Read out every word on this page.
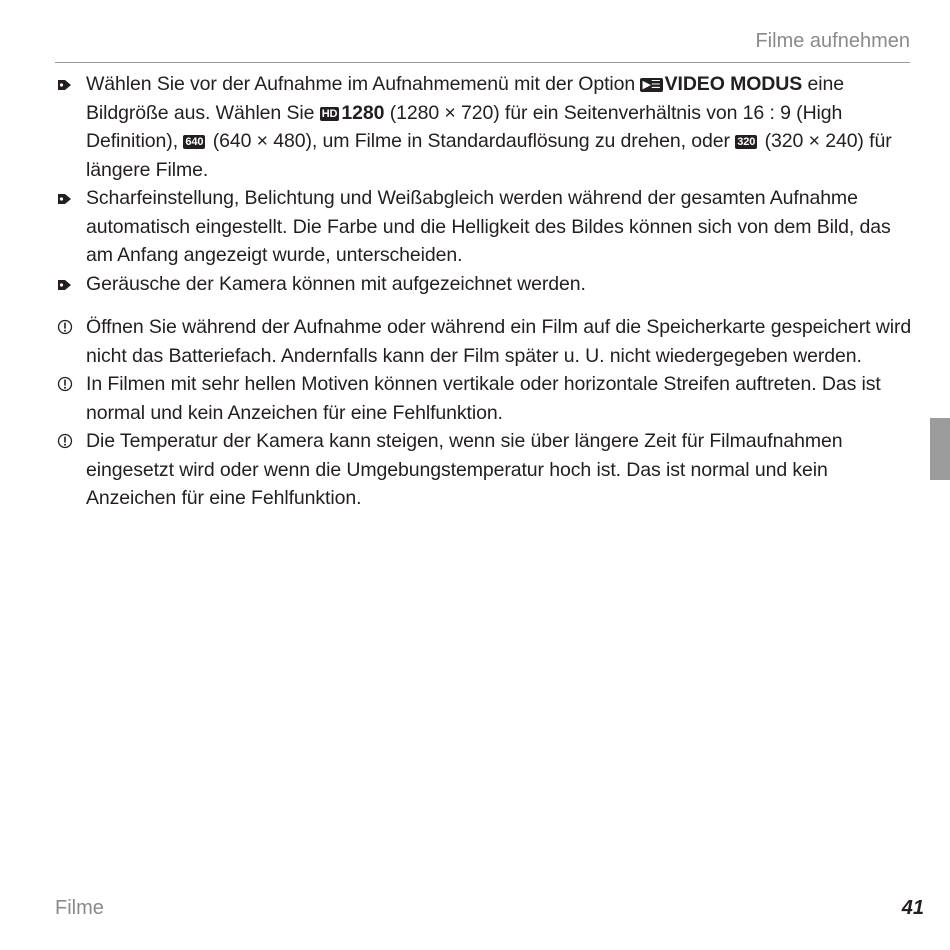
Filme aufnehmen
Wählen Sie vor der Aufnahme im Aufnahmemenü mit der Option ▶☰ VIDEO MODUS eine Bildgröße aus. Wählen Sie HD 1280 (1280 × 720) für ein Seitenverhältnis von 16 : 9 (High Definition), 640 (640 × 480), um Filme in Standardauflösung zu drehen, oder 320 (320 × 240) für längere Filme.
Scharfeinstellung, Belichtung und Weißabgleich werden während der gesamten Aufnahme automatisch eingestellt. Die Farbe und die Helligkeit des Bildes können sich von dem Bild, das am Anfang angezeigt wurde, unterscheiden.
Geräusche der Kamera können mit aufgezeichnet werden.
Öffnen Sie während der Aufnahme oder während ein Film auf die Speicherkarte gespeichert wird nicht das Batteriefach. Andernfalls kann der Film später u. U. nicht wiedergegeben werden.
In Filmen mit sehr hellen Motiven können vertikale oder horizontale Streifen auftreten. Das ist normal und kein Anzeichen für eine Fehlfunktion.
Die Temperatur der Kamera kann steigen, wenn sie über längere Zeit für Filmaufnahmen eingesetzt wird oder wenn die Umgebungstemperatur hoch ist. Das ist normal und kein Anzeichen für eine Fehlfunktion.
Filme	41
